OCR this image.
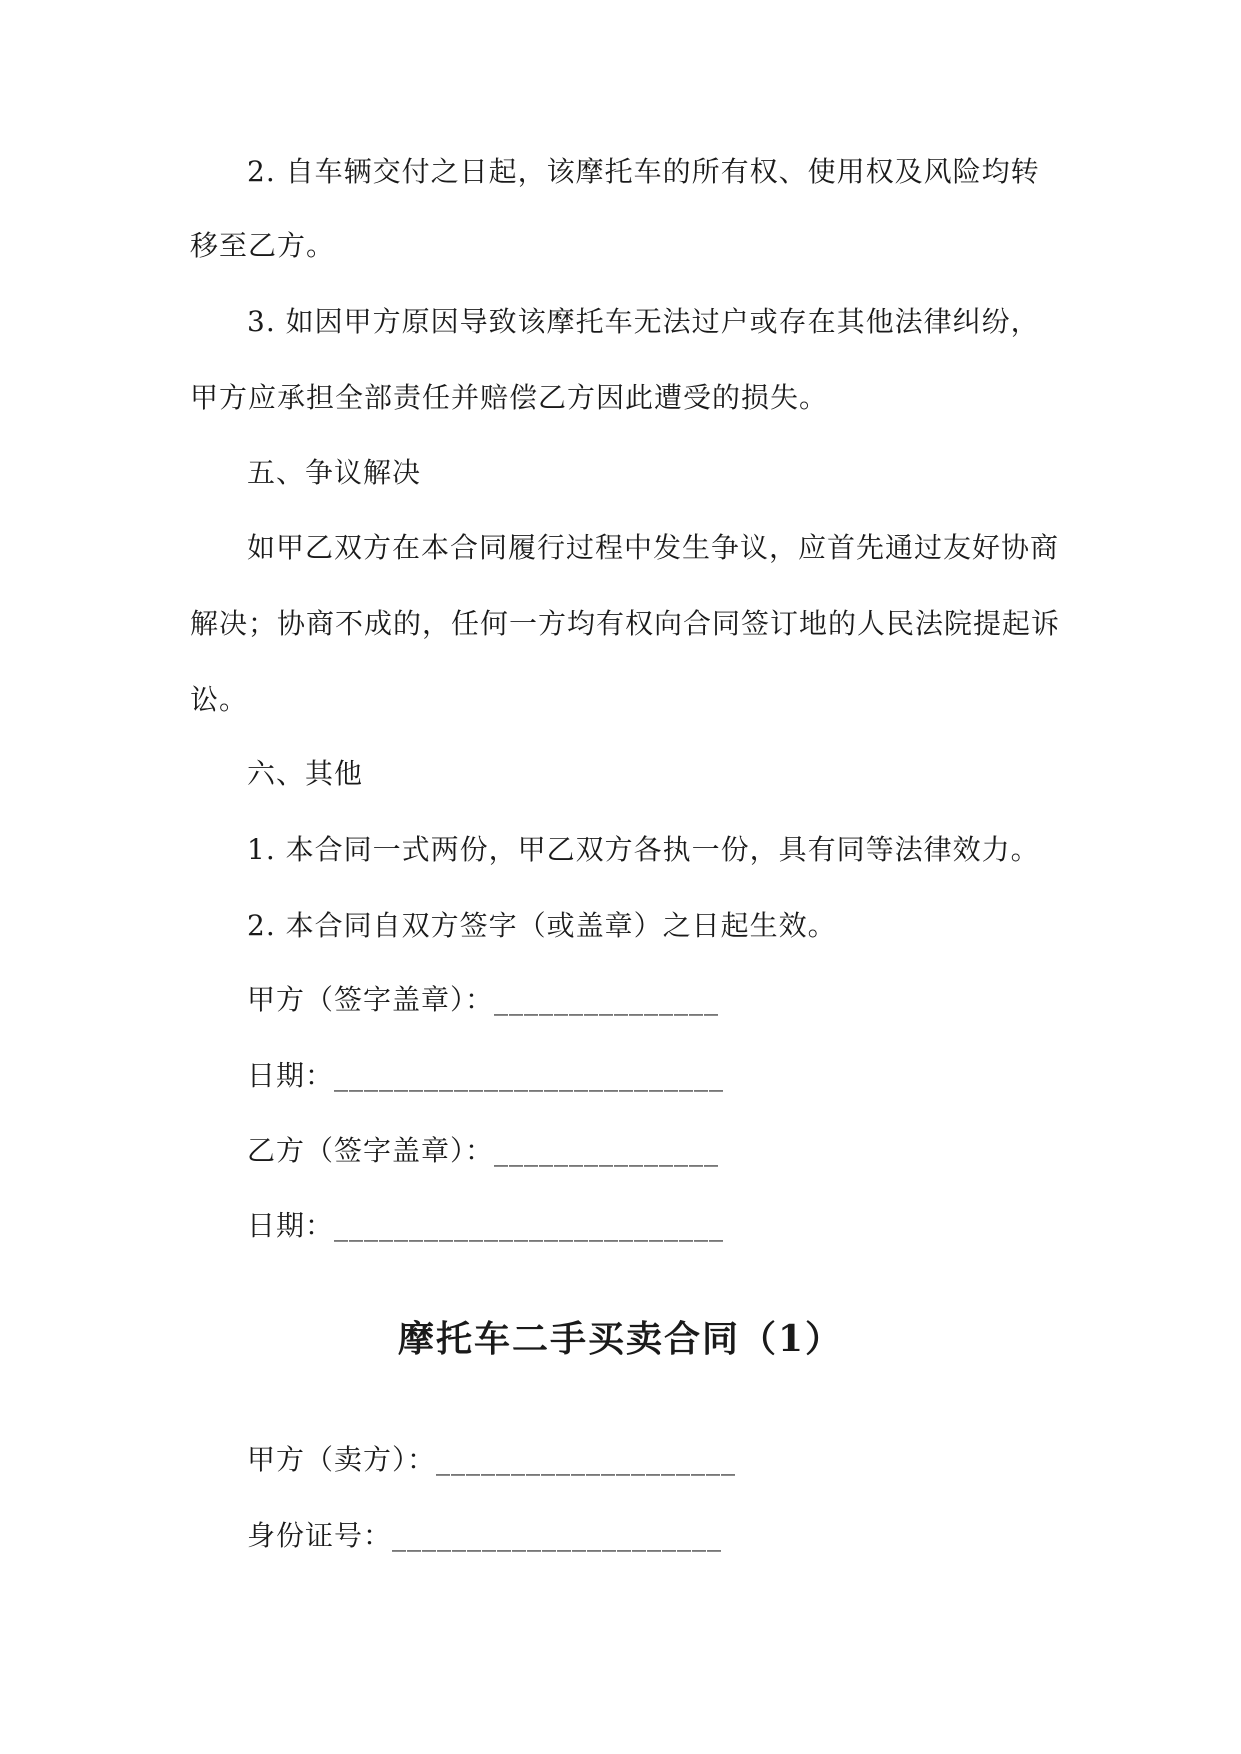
2. 自车辆交付之日起，该摩托车的所有权、使用权及风险均转
移至乙方。
3. 如因甲方原因导致该摩托车无法过户或存在其他法律纠纷，
甲方应承担全部责任并赔偿乙方因此遭受的损失。
五、争议解决
如甲乙双方在本合同履行过程中发生争议，应首先通过友好协商
解决；协商不成的，任何一方均有权向合同签订地的人民法院提起诉
讼。
六、其他
1. 本合同一式两份，甲乙双方各执一份，具有同等法律效力。
2. 本合同自双方签字（或盖章）之日起生效。
甲方（签字盖章）：_______________
日期：__________________________
乙方（签字盖章）：_______________
日期：__________________________
摩托车二手买卖合同（1）
甲方（卖方）：____________________
身份证号：______________________
